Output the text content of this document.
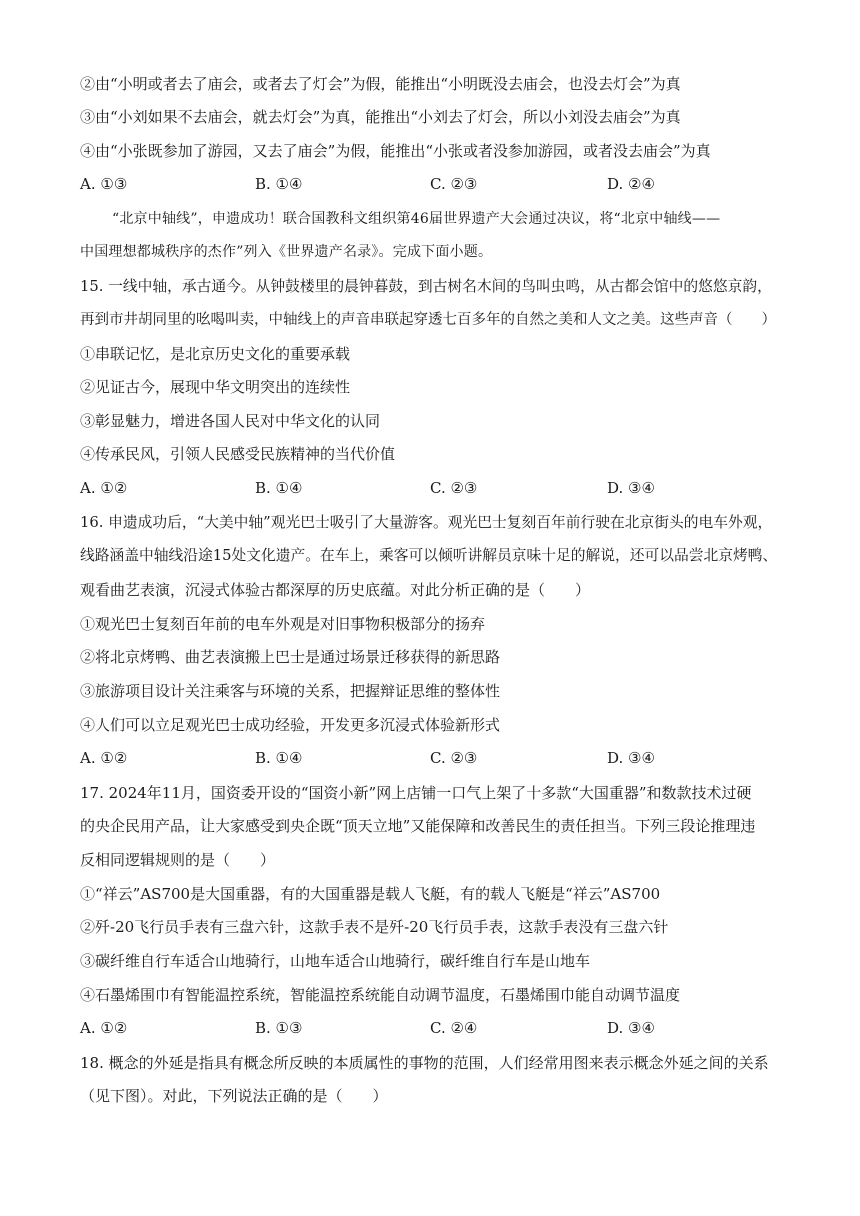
②由“小明或者去了庙会，或者去了灯会”为假，能推出“小明既没去庙会，也没去灯会”为真
③由“小刘如果不去庙会，就去灯会”为真，能推出“小刘去了灯会，所以小刘没去庙会”为真
④由“小张既参加了游园，又去了庙会”为假，能推出“小张或者没参加游园，或者没去庙会”为真
A. ①③	B. ①④	C. ②③	D. ②④
“北京中轴线”，申遗成功！联合国教科文组织第46届世界遗产大会通过决议，将“北京中轴线——
中国理想都城秩序的杰作”列入《世界遗产名录》。完成下面小题。
15. 一线中轴，承古通今。从钟鼓楼里的晨钟暮鼓，到古树名木间的鸟叫虫鸣，从古都会馆中的悠悠京韵，
再到市井胡同里的吆喝叫卖，中轴线上的声音串联起穿透七百多年的自然之美和人文之美。这些声音（　　）
①串联记忆，是北京历史文化的重要承载
②见证古今，展现中华文明突出的连续性
③彰显魅力，增进各国人民对中华文化的认同
④传承民风，引领人民感受民族精神的当代价值
A. ①②	B. ①④	C. ②③	D. ③④
16. 申遗成功后，“大美中轴”观光巴士吸引了大量游客。观光巴士复刻百年前行驶在北京街头的电车外观，
线路涵盖中轴线沿途15处文化遗产。在车上，乘客可以倾听讲解员京味十足的解说，还可以品尝北京烤鸭、
观看曲艺表演，沉浸式体验古都深厚的历史底蕴。对此分析正确的是（　　）
①观光巴士复刻百年前的电车外观是对旧事物积极部分的扬弃
②将北京烤鸭、曲艺表演搬上巴士是通过场景迁移获得的新思路
③旅游项目设计关注乘客与环境的关系，把握辩证思维的整体性
④人们可以立足观光巴士成功经验，开发更多沉浸式体验新形式
A. ①②	B. ①④	C. ②③	D. ③④
17. 2024年11月，国资委开设的“国资小新”网上店铺一口气上架了十多款“大国重器”和数款技术过硬
的央企民用产品，让大家感受到央企既“顶天立地”又能保障和改善民生的责任担当。下列三段论推理违
反相同逻辑规则的是（　　）
①“祥云”AS700是大国重器，有的大国重器是载人飞艇，有的载人飞艇是“祥云”AS700
②歼-20飞行员手表有三盘六针，这款手表不是歼-20飞行员手表，这款手表没有三盘六针
③碳纤维自行车适合山地骑行，山地车适合山地骑行，碳纤维自行车是山地车
④石墨烯围巾有智能温控系统，智能温控系统能自动调节温度，石墨烯围巾能自动调节温度
A. ①②	B. ①③	C. ②④	D. ③④
18. 概念的外延是指具有概念所反映的本质属性的事物的范围，人们经常用图来表示概念外延之间的关系
（见下图）。对此，下列说法正确的是（　　）
